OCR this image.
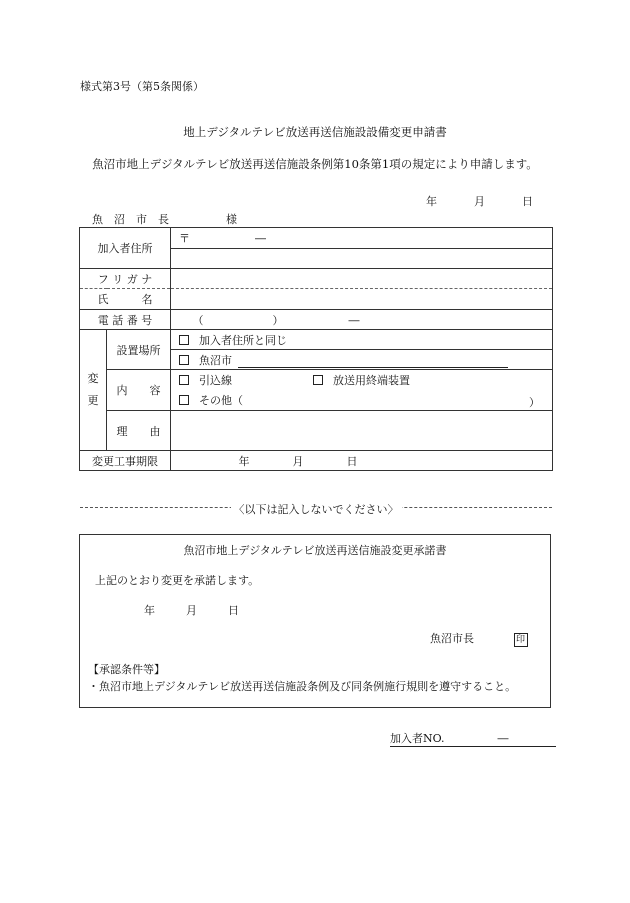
様式第3号（第5条関係）
地上デジタルテレビ放送再送信施設設備変更申請書
魚沼市地上デジタルテレビ放送再送信施設条例第10条第1項の規定により申請します。
年	月	日
魚　沼　市　長	様
加入者住所		〒 ―

フ リ ガ ナ		
氏　　　名		
電 話 番 号		（ ） ―

変
更	設置場所	加入者住所と同じ
		魚沼市
	内　　容	引込線 放送用終端装置
		その他（ ）

	理　　由	

変更工事期限		年 月 日
〈以下は記入しないでください〉
魚沼市地上デジタルテレビ放送再送信施設変更承諾書
上記のとおり変更を承諾します。
年	月	日
魚沼市長	印
【承認条件等】
・魚沼市地上デジタルテレビ放送再送信施設条例及び同条例施行規則を遵守すること。
加入者NO.	―
